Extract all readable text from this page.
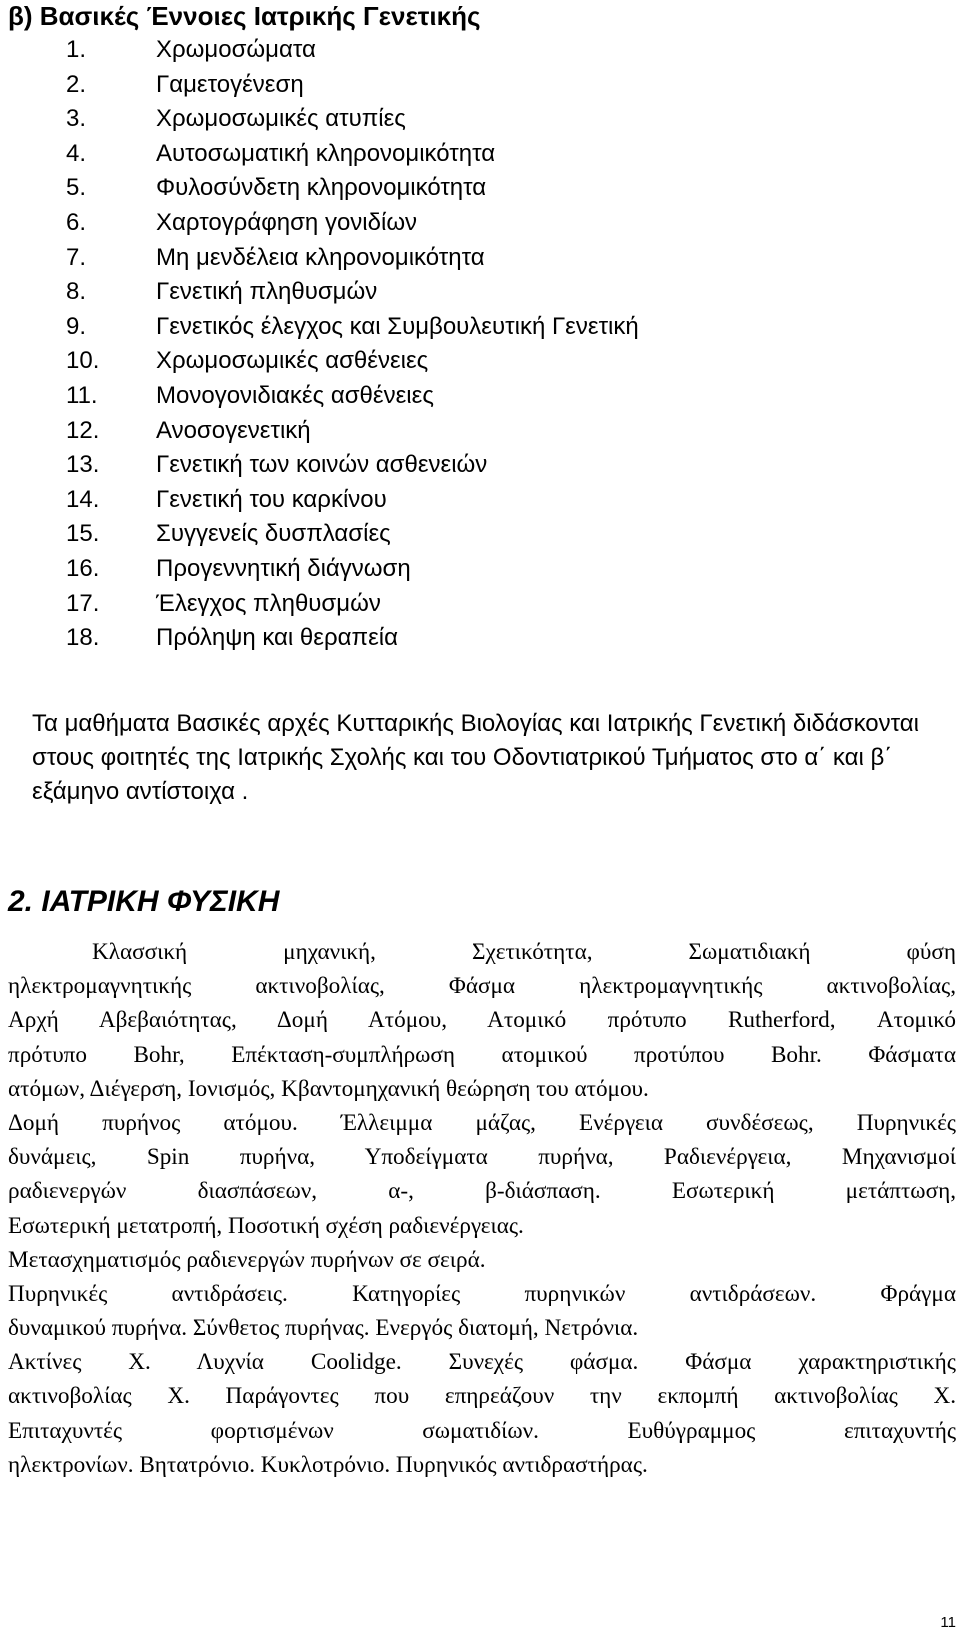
β) Βασικές Έννοιες Ιατρικής Γενετικής
1.	Χρωμοσώματα
2.	Γαμετογένεση
3.	Χρωμοσωμικές ατυπίες
4.	Αυτοσωματική κληρονομικότητα
5.	Φυλοσύνδετη κληρονομικότητα
6.	Χαρτογράφηση γονιδίων
7.	Μη μενδέλεια κληρονομικότητα
8.	Γενετική πληθυσμών
9.	Γενετικός έλεγχος και Συμβουλευτική Γενετική
10.	Χρωμοσωμικές ασθένειες
11.	Μονογονιδιακές ασθένειες
12.	Ανοσογενετική
13.	Γενετική των κοινών ασθενειών
14.	Γενετική του καρκίνου
15.	Συγγενείς δυσπλασίες
16.	Προγεννητική διάγνωση
17.	Έλεγχος πληθυσμών
18.	Πρόληψη και θεραπεία

Τα μαθήματα Βασικές αρχές Κυτταρικής Βιολογίας και Ιατρικής Γενετική διδάσκονται στους φοιτητές της Ιατρικής Σχολής και του Οδοντιατρικού Τμήματος στο α΄ και β΄ εξάμηνο αντίστοιχα .

2. ΙΑΤΡΙΚΗ ΦΥΣΙΚΗ
Κλασσική μηχανική, Σχετικότητα, Σωματιδιακή φύση
ηλεκτρομαγνητικής ακτινοβολίας, Φάσμα ηλεκτρομαγνητικής ακτινοβολίας,
Αρχή Αβεβαιότητας, Δομή Ατόμου, Ατομικό πρότυπο Rutherford, Ατομικό
πρότυπο Bohr, Επέκταση-συμπλήρωση ατομικού προτύπου Bohr. Φάσματα
ατόμων, Διέγερση, Ιονισμός, Κβαντομηχανική θεώρηση του ατόμου.
Δομή πυρήνος ατόμου. Έλλειμμα μάζας, Ενέργεια συνδέσεως, Πυρηνικές
δυνάμεις, Spin πυρήνα, Υποδείγματα πυρήνα, Ραδιενέργεια, Μηχανισμοί
ραδιενεργών διασπάσεων, α-, β-διάσπαση. Εσωτερική μετάπτωση,
Εσωτερική μετατροπή, Ποσοτική σχέση ραδιενέργειας.
Μετασχηματισμός ραδιενεργών πυρήνων σε σειρά.
Πυρηνικές αντιδράσεις. Κατηγορίες πυρηνικών αντιδράσεων. Φράγμα
δυναμικού πυρήνα. Σύνθετος πυρήνας. Ενεργός διατομή, Νετρόνια.
Ακτίνες Χ. Λυχνία Coolidge. Συνεχές φάσμα. Φάσμα χαρακτηριστικής
ακτινοβολίας Χ. Παράγοντες που επηρεάζουν την εκπομπή ακτινοβολίας Χ.
Επιταχυντές φορτισμένων σωματιδίων. Ευθύγραμμος επιταχυντής
ηλεκτρονίων. Βητατρόνιο. Κυκλοτρόνιο. Πυρηνικός αντιδραστήρας.
11
